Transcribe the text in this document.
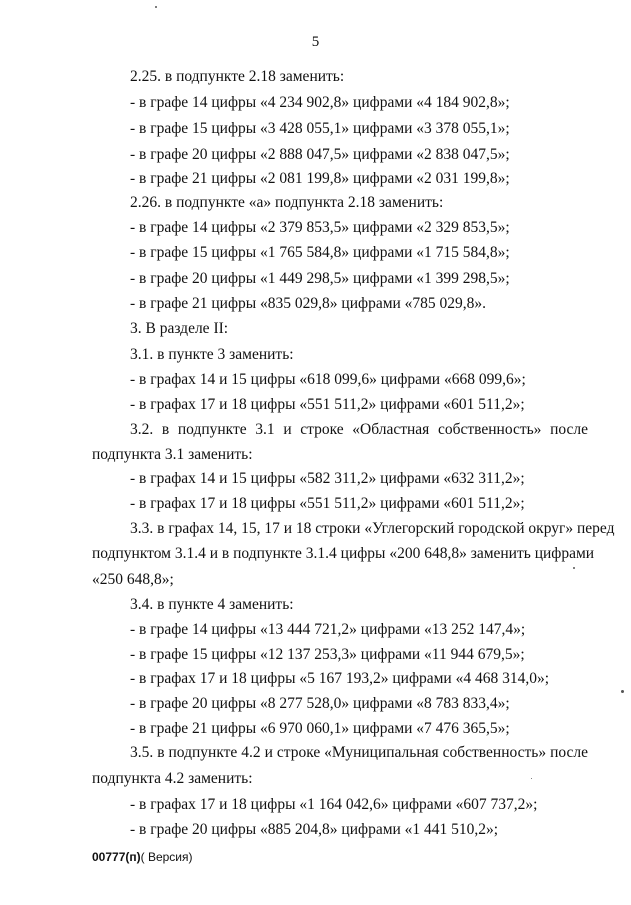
5
2.25. в подпункте 2.18 заменить:
- в графе 14 цифры «4 234 902,8» цифрами «4 184 902,8»;
- в графе 15 цифры «3 428 055,1» цифрами «3 378 055,1»;
- в графе 20 цифры «2 888 047,5» цифрами «2 838 047,5»;
- в графе 21 цифры «2 081 199,8» цифрами «2 031 199,8»;
2.26. в подпункте «а» подпункта 2.18 заменить:
- в графе 14 цифры «2 379 853,5» цифрами «2 329 853,5»;
- в графе 15 цифры «1 765 584,8» цифрами «1 715 584,8»;
- в графе 20 цифры «1 449 298,5» цифрами «1 399 298,5»;
- в графе 21 цифры «835 029,8» цифрами «785 029,8».
3. В разделе II:
3.1. в пункте 3 заменить:
- в графах 14 и 15 цифры «618 099,6» цифрами «668 099,6»;
- в графах 17 и 18 цифры «551 511,2» цифрами «601 511,2»;
3.2. в подпункте 3.1 и строке «Областная собственность» после
подпункта 3.1 заменить:
- в графах 14 и 15 цифры «582 311,2» цифрами «632 311,2»;
- в графах 17 и 18 цифры «551 511,2» цифрами «601 511,2»;
3.3. в графах 14, 15, 17 и 18 строки «Углегорский городской округ» перед
подпунктом 3.1.4 и в подпункте 3.1.4 цифры «200 648,8» заменить цифрами
«250 648,8»;
3.4. в пункте 4 заменить:
- в графе 14 цифры «13 444 721,2» цифрами «13 252 147,4»;
- в графе 15 цифры «12 137 253,3» цифрами «11 944 679,5»;
- в графах 17 и 18 цифры «5 167 193,2» цифрами «4 468 314,0»;
- в графе 20 цифры «8 277 528,0» цифрами «8 783 833,4»;
- в графе 21 цифры «6 970 060,1» цифрами «7 476 365,5»;
3.5. в подпункте 4.2 и строке «Муниципальная собственность» после
подпункта 4.2 заменить:
- в графах 17 и 18 цифры «1 164 042,6» цифрами «607 737,2»;
- в графе 20 цифры «885 204,8» цифрами «1 441 510,2»;
00777(п)( Версия)
